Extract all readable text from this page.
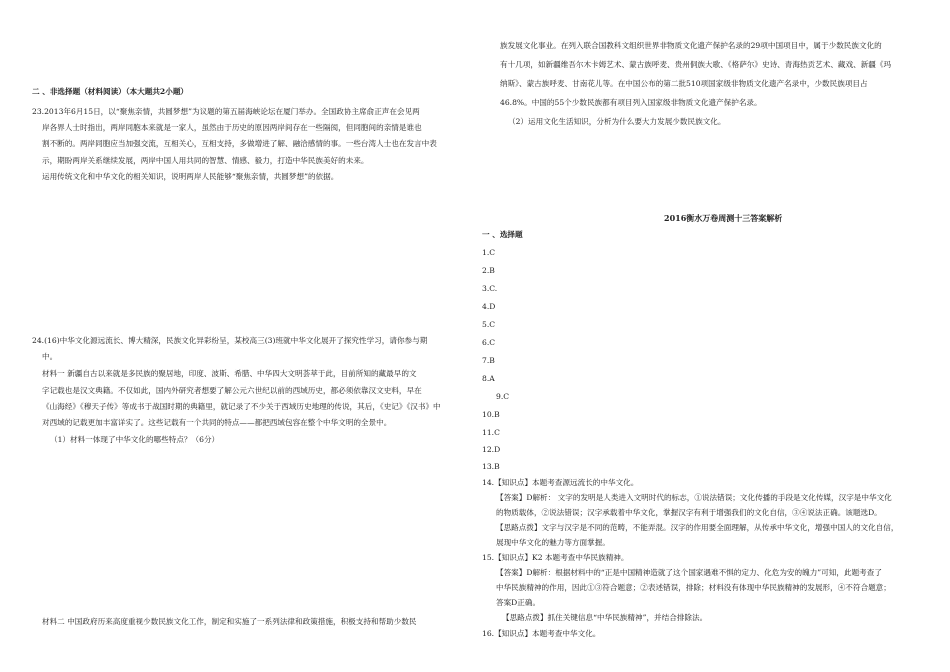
二 、非选择题（材料阅读）（本大题共2小题）
23.2013年6月15日，以“聚焦亲情，共圆梦想”为议题的第五届海峡论坛在厦门举办。全国政协主席俞正声在会见两
岸各界人士时指出，两岸同胞本来就是一家人，虽然由于历史的原因两岸间存在一些隔阂，但同胞间的亲情是谁也
割不断的。两岸同胞应当加强交流，互相关心，互相支持，多做增进了解、融洽感情的事。一些台湾人士也在发言中表
示，期盼两岸关系继续发展，两岸中国人用共同的智慧、情感、毅力，打造中华民族美好的未来。
运用传统文化和中华文化的相关知识，说明两岸人民能够“聚焦亲情，共圆梦想”的依据。
24.(16)中华文化源远流长、博大精深，民族文化异彩纷呈，某校高三(3)班就中华文化展开了探究性学习，请你参与期
中。
材料一 新疆自古以来就是多民族的聚居地，印度、波斯、希腊、中华四大文明荟萃于此，目前所知的藏最早的文
字记载也是汉文典籍。不仅如此，国内外研究者想要了解公元六世纪以前的西域历史，都必须依靠汉文史料，早在
《山海经》《穆天子传》等成书于战国时期的典籍里，就记录了不少关于西域历史地理的传说，其后，《史记》《汉书》中
对西域的记载更加丰富详实了。这些记载有一个共同的特点——都把西域包容在整个中华文明的全景中。
（1）材料一体现了中华文化的哪些特点？（6分）
材料二 中国政府历来高度重视少数民族文化工作，制定和实施了一系列法律和政策措施，积极支持和帮助少数民
族发展文化事业。在列入联合国教科文组织世界非物质文化遗产保护名录的29项中国项目中，属于少数民族文化的
有十几项，如新疆维吾尔木卡姆艺术、蒙古族呼麦、贵州侗族大歌、《格萨尔》史诗、青海热贡艺术、藏戏、新疆《玛
纳斯》、蒙古族呼麦、甘南花儿等。在中国公布的第二批510项国家级非物质文化遗产名录中，少数民族项目占
46.8%。中国的55个少数民族都有项目列入国家级非物质文化遗产保护名录。
（2）运用文化生活知识，分析为什么要大力发展少数民族文化。
2016衡水万卷周测十三答案解析
一 、选择题
1.C
2.B
3.C.
4.D
5.C
6.C
7.B
8.A
9.C
10.B
11.C
12.D
13.B
14.【知识点】本题考查源远流长的中华文化。
【答案】D解析： 文字的发明是人类进入文明时代的标志，①说法错误；文化传播的手段是文化传媒，汉字是中华文化
的物质载体，②说法错误；汉字承载着中华文化，掌握汉字有利于增强我们的文化自信，③④说法正确。该题选D。
【思路点拨】文字与汉字是不同的范畴，不能弄混。汉字的作用要全面理解，从传承中华文化，增强中国人的文化自信，
展现中华文化的魅力等方面掌握。
15.【知识点】K2 本题考查中华民族精神。
【答案】D解析：根据材料中的“正是中国精神造就了这个国家遇难不惧的定力、化危为安的魄力”可知，此题考查了
中华民族精神的作用，因此①③符合题意；②表述错误，排除；材料没有体现中华民族精神的发展形，④不符合题意；
答案D正确。
【思路点拨】抓住关键信息“中华民族精神”，并结合排除法。
16.【知识点】本题考查中华文化。
